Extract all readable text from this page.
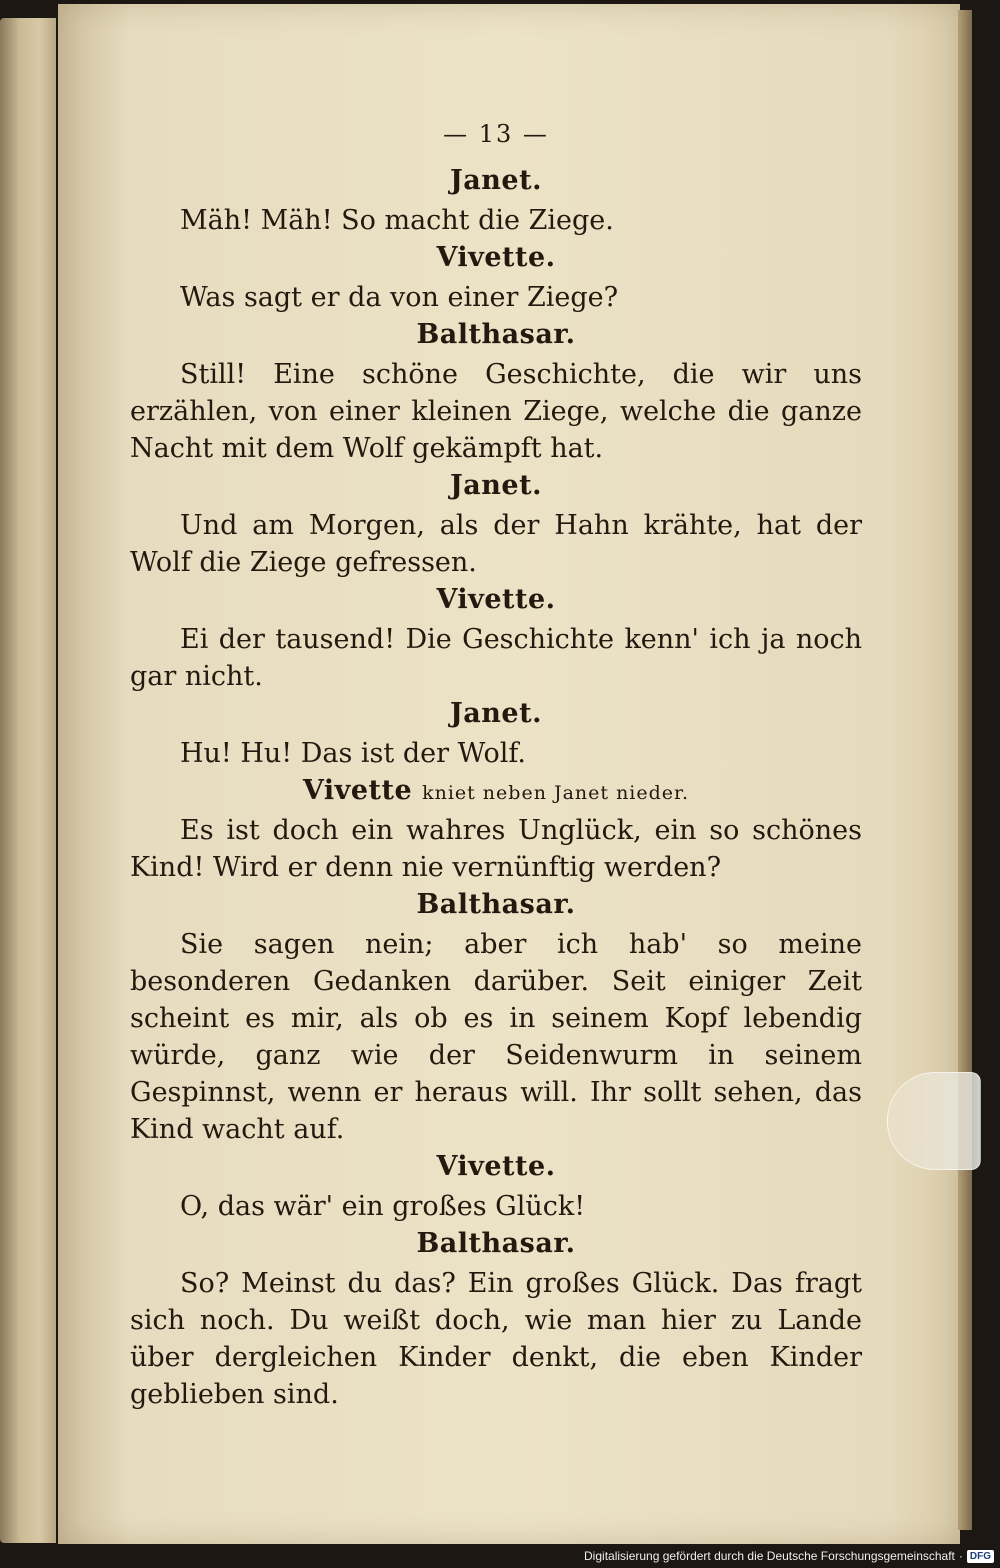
— 13 —
Janet.
Mäh! Mäh! So macht die Ziege.
Vivette.
Was sagt er da von einer Ziege?
Balthasar.
Still! Eine schöne Geschichte, die wir uns erzählen, von einer kleinen Ziege, welche die ganze Nacht mit dem Wolf gekämpft hat.
Janet.
Und am Morgen, als der Hahn krähte, hat der Wolf die Ziege gefressen.
Vivette.
Ei der tausend! Die Geschichte kenn' ich ja noch gar nicht.
Janet.
Hu! Hu! Das ist der Wolf.
Vivette kniet neben Janet nieder.
Es ist doch ein wahres Unglück, ein so schönes Kind! Wird er denn nie vernünftig werden?
Balthasar.
Sie sagen nein; aber ich hab' so meine besonderen Gedanken darüber. Seit einiger Zeit scheint es mir, als ob es in seinem Kopf lebendig würde, ganz wie der Seidenwurm in seinem Gespinnst, wenn er heraus will. Ihr sollt sehen, das Kind wacht auf.
Vivette.
O, das wär' ein großes Glück!
Balthasar.
So? Meinst du das? Ein großes Glück. Das fragt sich noch. Du weißt doch, wie man hier zu Lande über dergleichen Kinder denkt, die eben Kinder geblieben sind.
Digitalisierung gefördert durch die Deutsche Forschungsgemeinschaft · DFG
